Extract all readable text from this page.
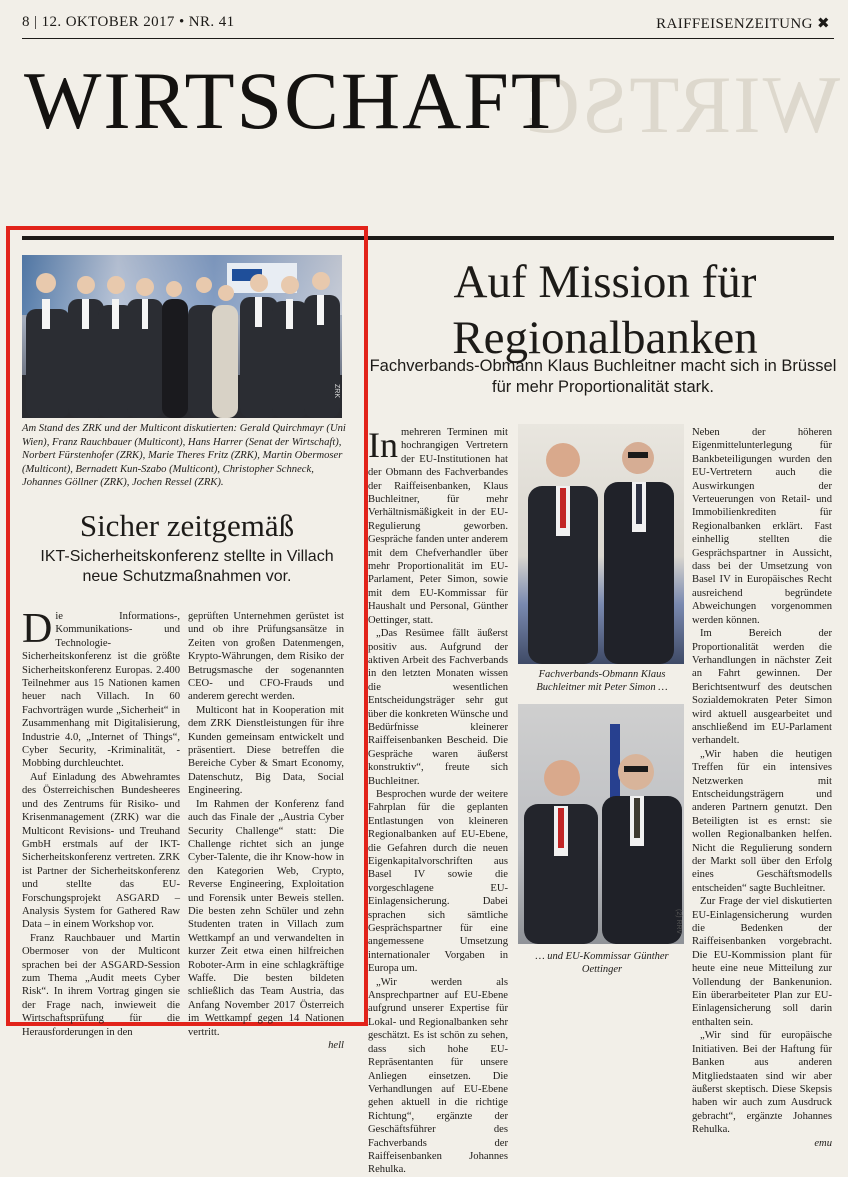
8 | 12. OKTOBER 2017 • NR. 41	RAIFFEISENZEITUNG ✖
WIRTSC
WIRTSCHAFT
ZRK
Am Stand des ZRK und der Multicont diskutierten: Gerald Quirchmayr (Uni Wien), Franz Rauchbauer (Multicont), Hans Harrer (Senat der Wirtschaft), Norbert Fürstenhofer (ZRK), Marie Theres Fritz (ZRK), Martin Obermoser (Multicont), Bernadett Kun-Szabo (Multicont), Christopher Schneck, Johannes Göllner (ZRK), Jochen Ressel (ZRK).
Sicher zeitgemäß
IKT-Sicherheitskonferenz stellte in Villach neue Schutzmaßnahmen vor.

Die Informations-, Kommunikations- und Technologie-Sicherheitskonferenz ist die größte Sicherheitskonferenz Europas. 2.400 Teilnehmer aus 15 Nationen kamen heuer nach Villach. In 60 Fachvorträgen wurde „Sicherheit“ in Zusammenhang mit Digitalisierung, Industrie 4.0, „Internet of Things“, Cyber Security, -Kriminalität, -Mobbing durchleuchtet.

Auf Einladung des Abwehramtes des Österreichischen Bundesheeres und des Zentrums für Risiko- und Krisenmanagement (ZRK) war die Multicont Revisions- und Treuhand GmbH erstmals auf der IKT-Sicherheitskonferenz vertreten. ZRK ist Partner der Sicherheitskonferenz und stellte das EU-Forschungsprojekt ASGARD – Analysis System for Gathered Raw Data – in einem Workshop vor.

Franz Rauchbauer und Martin Obermoser von der Multicont sprachen bei der ASGARD-Session zum Thema „Audit meets Cyber Risk“. In ihrem Vortrag gingen sie der Frage nach, inwieweit die Wirtschaftsprüfung für die Herausforderungen in den

geprüften Unternehmen gerüstet ist und ob ihre Prüfungsansätze in Zeiten von großen Datenmengen, Krypto-Währungen, dem Risiko der Betrugsmasche der sogenannten CEO- und CFO-Frauds und anderem gerecht werden.

Multicont hat in Kooperation mit dem ZRK Dienstleistungen für ihre Kunden gemeinsam entwickelt und präsentiert. Diese betreffen die Bereiche Cyber & Smart Economy, Datenschutz, Big Data, Social Engineering.

Im Rahmen der Konferenz fand auch das Finale der „Austria Cyber Security Challenge“ statt: Die Challenge richtet sich an junge Cyber-Talente, die ihr Know-how in den Kategorien Web, Crypto, Reverse Engineering, Exploitation und Forensik unter Beweis stellen. Die besten zehn Schüler und zehn Studenten traten in Villach zum Wettkampf an und verwandelten in kurzer Zeit etwa einen hilfreichen Roboter-Arm in eine schlagkräftige Waffe. Die besten bildeten schließlich das Team Austria, das Anfang November 2017 Österreich im Wettkampf gegen 14 Nationen vertritt.

hell
Auf Mission für Regionalbanken
Fachverbands-Obmann Klaus Buchleitner macht sich in Brüssel für mehr Proportionalität stark.

In mehreren Terminen mit hochrangigen Vertretern der EU-Institutionen hat der Obmann des Fachverbandes der Raiffeisenbanken, Klaus Buchleitner, für mehr Verhältnismäßigkeit in der EU-Regulierung geworben. Gespräche fanden unter anderem mit dem Chefverhandler über mehr Proportionalität im EU-Parlament, Peter Simon, sowie mit dem EU-Kommissar für Haushalt und Personal, Günther Oettinger, statt.

„Das Resümee fällt äußerst positiv aus. Aufgrund der aktiven Arbeit des Fachverbands in den letzten Monaten wissen die wesentlichen Entscheidungsträger sehr gut über die konkreten Wünsche und Bedürfnisse kleinerer Raiffeisenbanken Bescheid. Die Gespräche waren äußerst konstruktiv“, freute sich Buchleitner.

Besprochen wurde der weitere Fahrplan für die geplanten Entlastungen von kleineren Regionalbanken auf EU-Ebene, die Gefahren durch die neuen Eigenkapitalvorschriften aus Basel IV sowie die vorgeschlagene EU-Einlagensicherung. Dabei sprachen sich sämtliche Gesprächspartner für eine angemessene Umsetzung internationaler Vorgaben in Europa um.

„Wir werden als Ansprechpartner auf EU-Ebene aufgrund unserer Expertise für Lokal- und Regionalbanken sehr geschätzt. Es ist schön zu sehen, dass sich hohe EU-Repräsentanten für unsere Anliegen einsetzen. Die Verhandlungen auf EU-Ebene gehen aktuell in die richtige Richtung“, ergänzte der Geschäftsführer des Fachverbands der Raiffeisenbanken Johannes Rehulka.

Fachverbands-Obmann Klaus Buchleitner mit Peter Simon …
(2) RRV
… und EU-Kommissar Günther Oettinger

Neben der höheren Eigenmittelunterlegung für Bankbeteiligungen wurden den EU-Vertretern auch die Auswirkungen der Verteuerungen von Retail- und Immobilienkrediten für Regionalbanken erklärt. Fast einhellig stellten die Gesprächspartner in Aussicht, dass bei der Umsetzung von Basel IV in Europäisches Recht ausreichend begründete Abweichungen vorgenommen werden können.

Im Bereich der Proportionalität werden die Verhandlungen in nächster Zeit an Fahrt gewinnen. Der Berichtsentwurf des deutschen Sozialdemokraten Peter Simon wird aktuell ausgearbeitet und anschließend im EU-Parlament verhandelt.

„Wir haben die heutigen Treffen für ein intensives Netzwerken mit Entscheidungsträgern und anderen Partnern genutzt. Den Beteiligten ist es ernst: sie wollen Regionalbanken helfen. Nicht die Regulierung sondern der Markt soll über den Erfolg eines Geschäftsmodells entscheiden“ sagte Buchleitner.

Zur Frage der viel diskutierten EU-Einlagensicherung wurden die Bedenken der Raiffeisenbanken vorgebracht. Die EU-Kommission plant für heute eine neue Mitteilung zur Vollendung der Bankenunion. Ein überarbeiteter Plan zur EU-Einlagensicherung soll darin enthalten sein.

„Wir sind für europäische Initiativen. Bei der Haftung für Banken aus anderen Mitgliedstaaten sind wir aber äußerst skeptisch. Diese Skepsis haben wir auch zum Ausdruck gebracht“, ergänzte Johannes Rehulka.

emu
